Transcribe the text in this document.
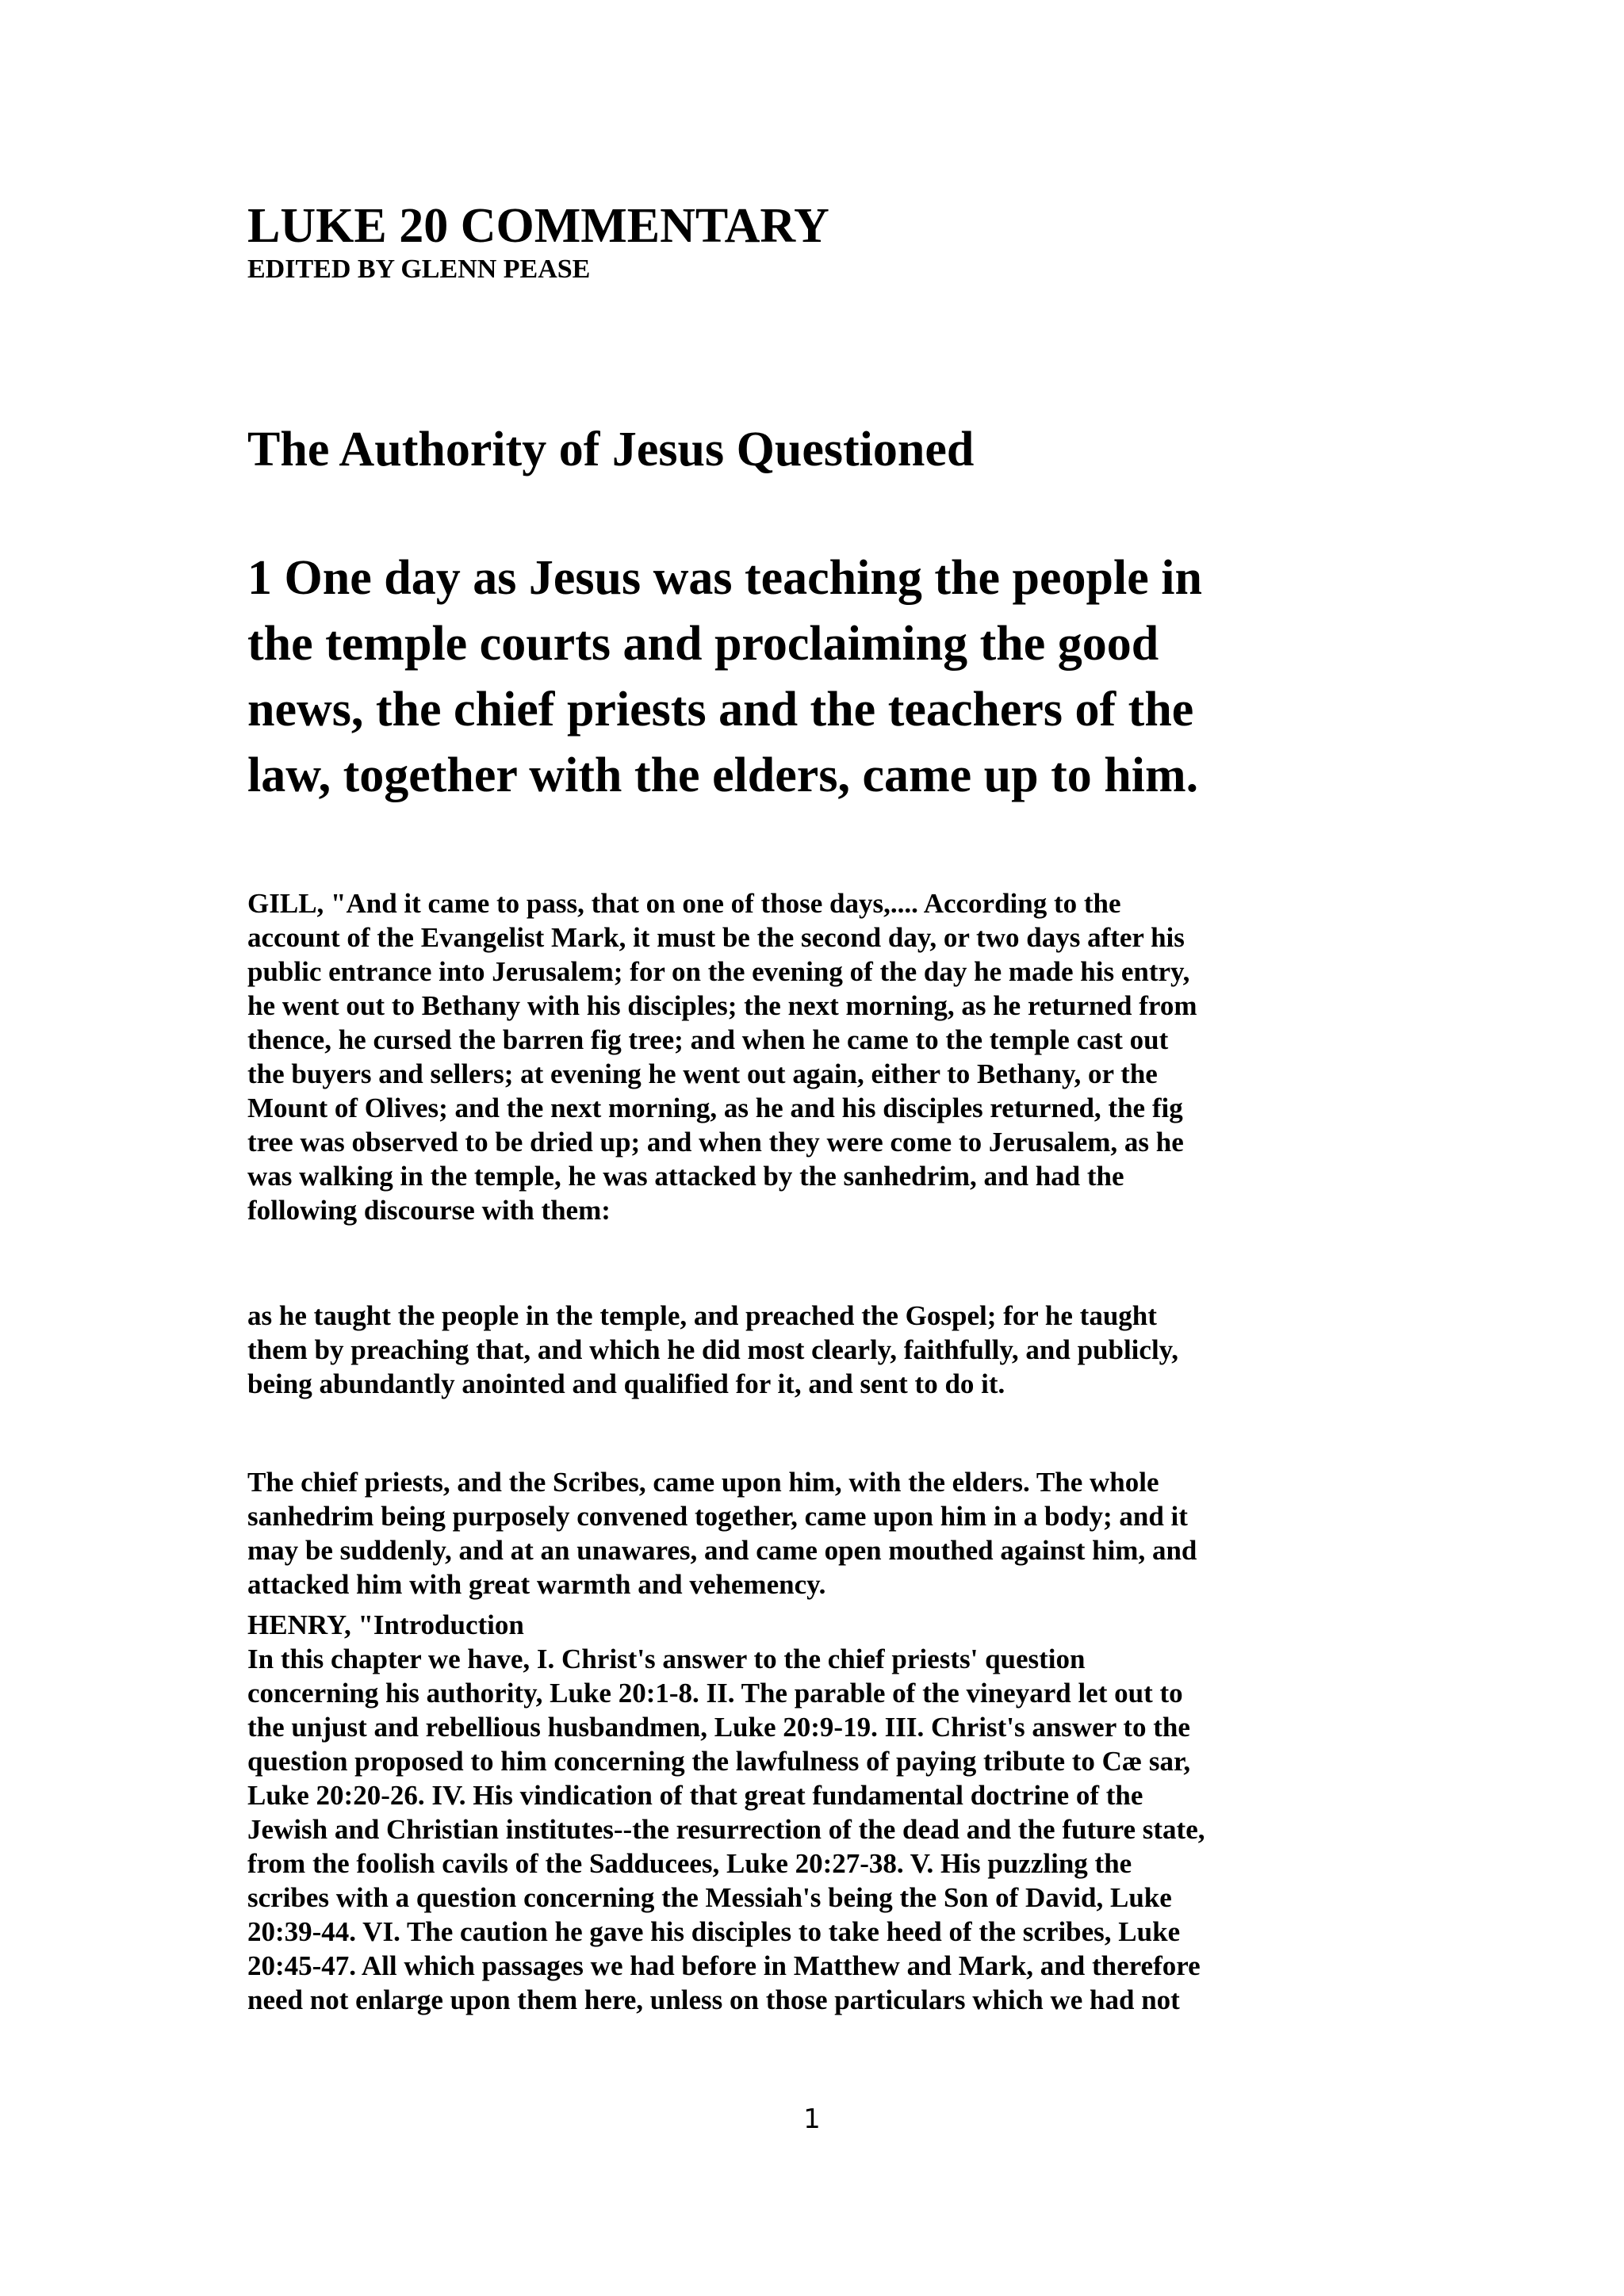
LUKE 20 COMMENTARY
EDITED BY GLENN PEASE
The Authority of Jesus Questioned
1 One day as Jesus was teaching the people in
the temple courts and proclaiming the good
news, the chief priests and the teachers of the
law, together with the elders, came up to him.
GILL, "And it came to pass, that on one of those days,.... According to the
account of the Evangelist Mark, it must be the second day, or two days after his
public entrance into Jerusalem; for on the evening of the day he made his entry,
he went out to Bethany with his disciples; the next morning, as he returned from
thence, he cursed the barren fig tree; and when he came to the temple cast out
the buyers and sellers; at evening he went out again, either to Bethany, or the
Mount of Olives; and the next morning, as he and his disciples returned, the fig
tree was observed to be dried up; and when they were come to Jerusalem, as he
was walking in the temple, he was attacked by the sanhedrim, and had the
following discourse with them:
as he taught the people in the temple, and preached the Gospel; for he taught
them by preaching that, and which he did most clearly, faithfully, and publicly,
being abundantly anointed and qualified for it, and sent to do it.
The chief priests, and the Scribes, came upon him, with the elders. The whole
sanhedrim being purposely convened together, came upon him in a body; and it
may be suddenly, and at an unawares, and came open mouthed against him, and
attacked him with great warmth and vehemency.
HENRY, "Introduction
In this chapter we have, I. Christ's answer to the chief priests' question
concerning his authority, Luke 20:1-8. II. The parable of the vineyard let out to
the unjust and rebellious husbandmen, Luke 20:9-19. III. Christ's answer to the
question proposed to him concerning the lawfulness of paying tribute to Cæ sar,
Luke 20:20-26. IV. His vindication of that great fundamental doctrine of the
Jewish and Christian institutes--the resurrection of the dead and the future state,
from the foolish cavils of the Sadducees, Luke 20:27-38. V. His puzzling the
scribes with a question concerning the Messiah's being the Son of David, Luke
20:39-44. VI. The caution he gave his disciples to take heed of the scribes, Luke
20:45-47. All which passages we had before in Matthew and Mark, and therefore
need not enlarge upon them here, unless on those particulars which we had not
1
